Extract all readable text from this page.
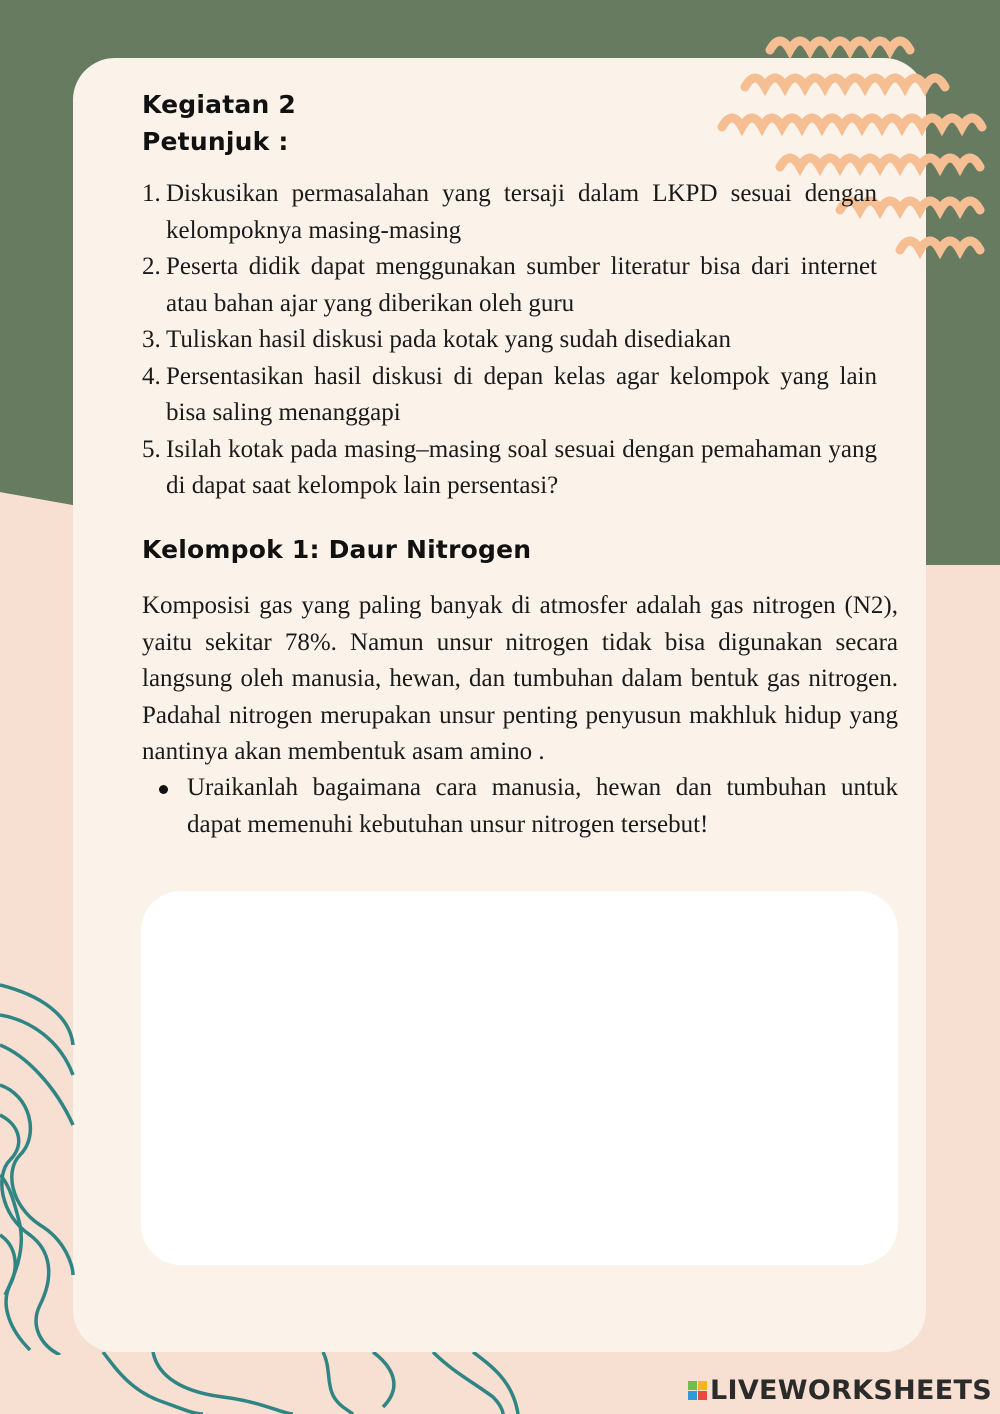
Kegiatan 2
Petunjuk :
1. Diskusikan permasalahan yang tersaji dalam LKPD sesuai dengan kelompoknya masing-masing
2. Peserta didik dapat menggunakan sumber literatur bisa dari internet atau bahan ajar yang diberikan oleh guru
3. Tuliskan hasil diskusi pada kotak yang sudah disediakan
4. Persentasikan hasil diskusi di depan kelas agar kelompok yang lain bisa saling menanggapi
5. Isilah kotak pada masing–masing soal sesuai dengan pemahaman yang di dapat saat kelompok lain persentasi?
Kelompok 1: Daur Nitrogen

Komposisi gas yang paling banyak di atmosfer adalah gas nitrogen (N2), yaitu sekitar 78%. Namun unsur nitrogen tidak bisa digunakan secara langsung oleh manusia, hewan, dan tumbuhan dalam bentuk gas nitrogen. Padahal nitrogen merupakan unsur penting penyusun makhluk hidup yang nantinya akan membentuk asam amino .

Uraikanlah bagaimana cara manusia, hewan dan tumbuhan untuk dapat memenuhi kebutuhan unsur nitrogen tersebut!

LIVEWORKSHEETS
